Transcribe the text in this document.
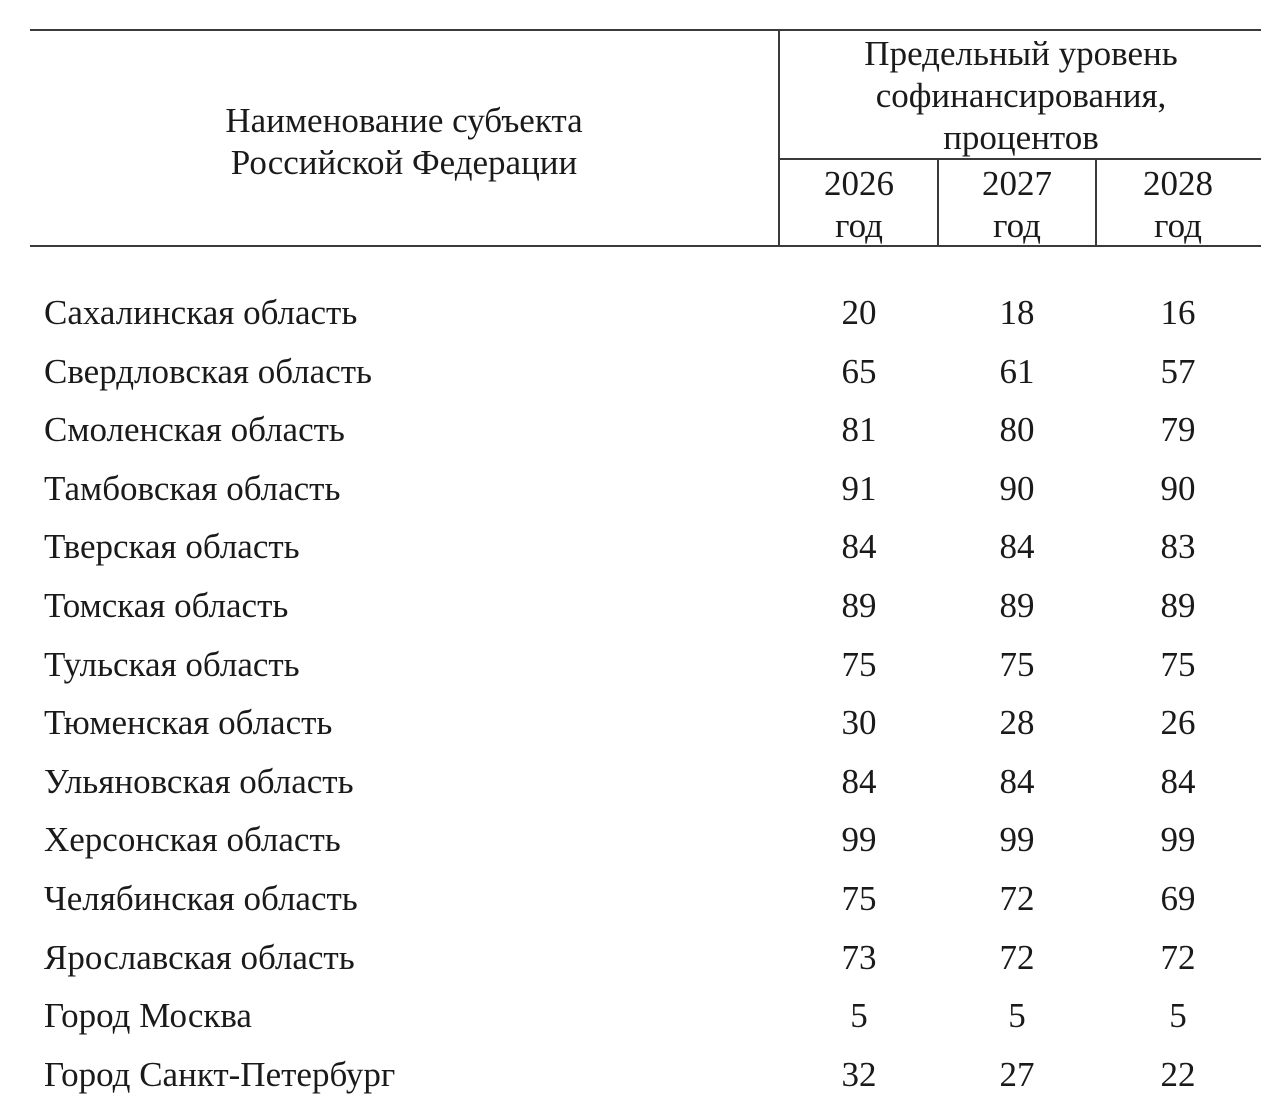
Наименование субъекта
Российской Федерации
Предельный уровень
софинансирования,
процентов
2026
год
2027
год
2028
год
Сахалинская область	20	18	16
Свердловская область	65	61	57
Смоленская область	81	80	79
Тамбовская область	91	90	90
Тверская область	84	84	83
Томская область	89	89	89
Тульская область	75	75	75
Тюменская область	30	28	26
Ульяновская область	84	84	84
Херсонская область	99	99	99
Челябинская область	75	72	69
Ярославская область	73	72	72
Город Москва	5	5	5
Город Санкт-Петербург	32	27	22
